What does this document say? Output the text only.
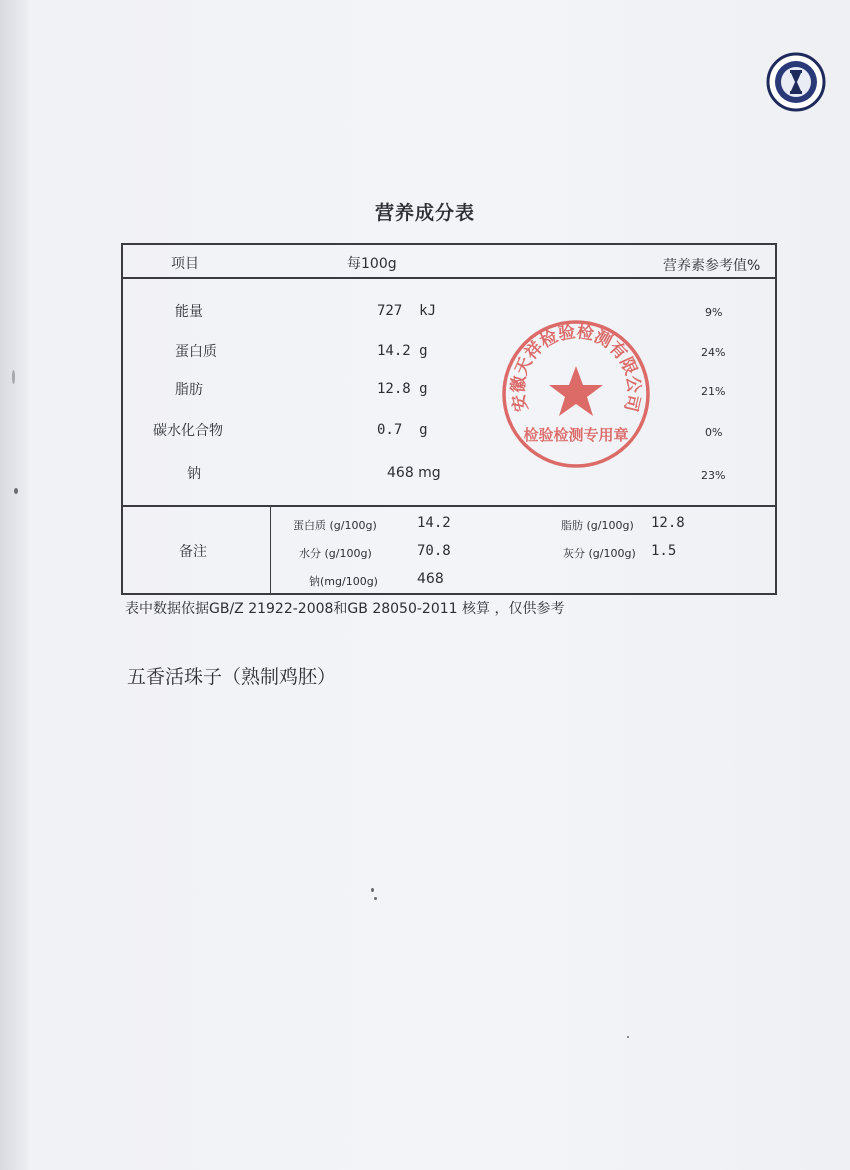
营养成分表
项目	每100g	营养素参考值%
能量	727  kJ	9%
蛋白质	14.2 g	24%
脂肪	12.8 g	21%
碳水化合物	0.7  g	0%
钠	468 mg	23%
备注
蛋白质 (g/100g)	14.2	脂肪 (g/100g) 12.8
水分 (g/100g)	70.8	灰分 (g/100g) 1.5
钠(mg/100g)	468
安徽天祥检验检测有限公司
检验检测专用章
表中数据依据GB/Z 21922-2008和GB 28050-2011 核算 ，仅供参考
五香活珠子（熟制鸡胚）
